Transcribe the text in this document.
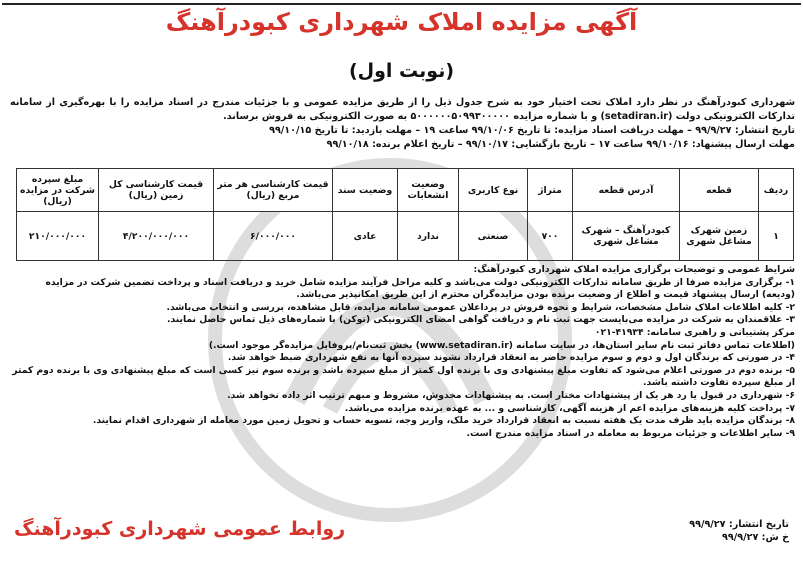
آگهی مزایده املاک شهرداری کبودرآهنگ
(نوبت اول)

شهرداری کبودرآهنگ در نظر دارد املاک تحت اختیار خود به شرح جدول ذیل را از طریق مزایده عمومی و با جزئیات مندرج در اسناد مزایده را با بهره‌گیری از سامانه تدارکات الکترونیکی دولت (setadiran.ir) و با شماره مزایده ۵۰۰۰۰۰۰۵۰۹۹۳۰۰۰۰۰ به صورت الکترونیکی به فروش برساند.

تاریخ انتشار: ۹۹/۹/۲۷ – مهلت دریافت اسناد مزایده: تا تاریخ ۹۹/۱۰/۰۶ ساعت ۱۹ – مهلت بازدید: تا تاریخ ۹۹/۱۰/۱۵

مهلت ارسال پیشنهاد: ۹۹/۱۰/۱۶ ساعت ۱۷ – تاریخ بازگشایی: ۹۹/۱۰/۱۷ – تاریخ اعلام برنده: ۹۹/۱۰/۱۸

ردیف	قطعه	آدرس قطعه	متراژ	نوع کاربری	وضعیت انشعابات	وضعیت سند	قیمت کارشناسی هر متر مربع (ریال)	قیمت کارشناسی کل زمین (ریال)	مبلغ سپرده شرکت در مزایده (ریال)
۱	زمین شهرک مشاغل شهری	کبودرآهنگ – شهرک مشاغل شهری	۷۰۰	صنعتی	ندارد	عادی	۶/۰۰۰/۰۰۰	۴/۲۰۰/۰۰۰/۰۰۰	۲۱۰/۰۰۰/۰۰۰

شرایط عمومی و توضیحات برگزاری مزایده املاک شهرداری کبودرآهنگ:

۱- برگزاری مزایده صرفا از طریق سامانه تدارکات الکترونیکی دولت می‌باشد و کلیه مراحل فرآیند مزایده شامل خرید و دریافت اسناد و پرداخت تضمین شرکت در مزایده (ودیعه) ارسال پیشنهاد قیمت و اطلاع از وضعیت برنده بودن مزایده‌گران محترم از این طریق امکانپذیر می‌باشد.

۲- کلیه اطلاعات املاک شامل مشخصات، شرایط و نحوه فروش در پرداعلان عمومی سامانه مزایده، قابل مشاهده، بررسی و انتخاب می‌باشد.

۳- علاقمندان به شرکت در مزایده می‌بایست جهت ثبت نام و دریافت گواهی امضای الکترونیکی (توکن) با شماره‌های ذیل تماس حاصل نمایند.

مرکز پشتیبانی و راهبری سامانه: ۴۱۹۳۴-۰۲۱

(اطلاعات تماس دفاتر ثبت نام سایر استان‌ها، در سایت سامانه (www.setadiran.ir) بخش ثبت‌نام/پروفایل مزایده‌گر موجود است.)

۴- در صورتی که برندگان اول و دوم و سوم مزایده حاضر به انعقاد قرارداد نشوند سپرده آنها به نفع شهرداری ضبط خواهد شد.

۵- برنده دوم در صورتی اعلام می‌شود که تفاوت مبلغ پیشنهادی وی با برنده اول کمتر از مبلغ سپرده باشد و برنده سوم نیز کسی است که مبلغ پیشنهادی وی با برنده دوم کمتر از مبلغ سپرده تفاوت داشته باشد.

۶- شهرداری در قبول یا رد هر یک از پیشنهادات مختار است. به پیشنهادات مخدوش، مشروط و مبهم ترتیب اثر داده نخواهد شد.

۷- پرداخت کلیه هزینه‌های مزایده اعم از هزینه آگهی، کارشناسی و ... به عهده برنده مزایده می‌باشد.

۸- برندگان مزایده باید ظرف مدت یک هفته نسبت به انعقاد قرارداد خرید ملک، واریز وجه، تسویه حساب و تحویل زمین مورد معامله از شهرداری اقدام نمایند.

۹- سایر اطلاعات و جزئیات مربوط به معامله در اسناد مزایده مندرج است.

تاریخ انتشار: ۹۹/۹/۲۷
خ ش: ۹۹/۹/۲۷
روابط عمومی شهرداری کبودرآهنگ
